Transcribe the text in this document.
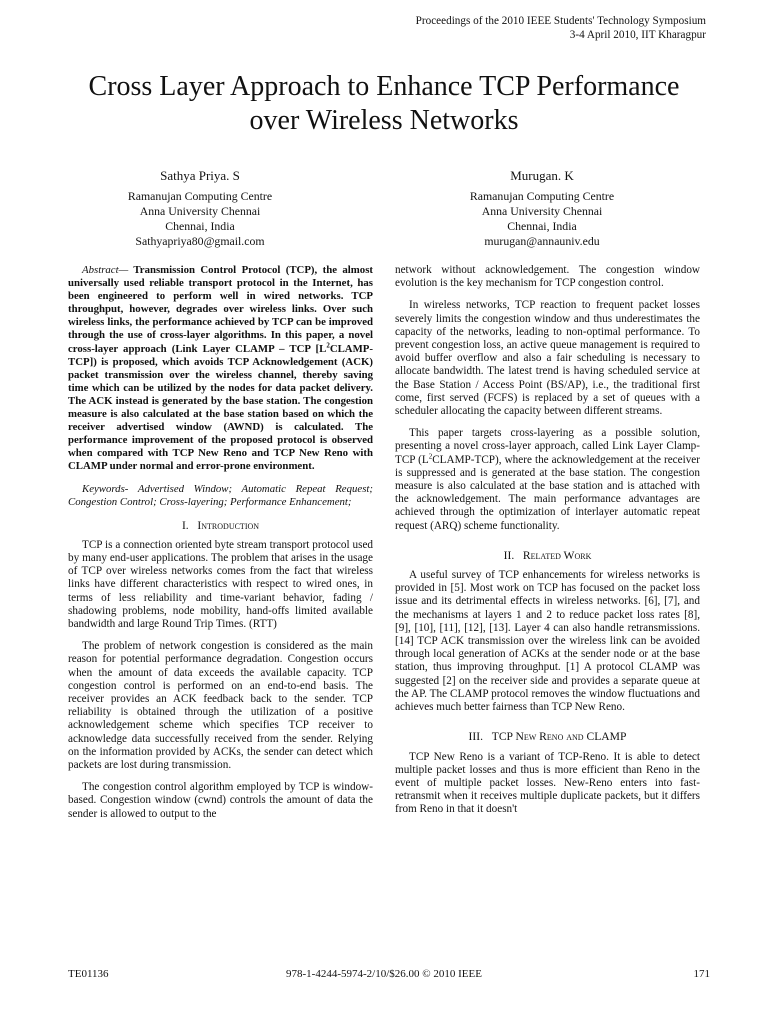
Proceedings of the 2010 IEEE Students' Technology Symposium
3-4 April 2010, IIT Kharagpur
Cross Layer Approach to Enhance TCP Performance
over Wireless Networks
Sathya Priya. S
Ramanujan Computing Centre
Anna University Chennai
Chennai, India
Sathyapriya80@gmail.com
Murugan. K
Ramanujan Computing Centre
Anna University Chennai
Chennai, India
murugan@annauniv.edu

Abstract— Transmission Control Protocol (TCP), the almost universally used reliable transport protocol in the Internet, has been engineered to perform well in wired networks. TCP throughput, however, degrades over wireless links. Over such wireless links, the performance achieved by TCP can be improved through the use of cross-layer algorithms. In this paper, a novel cross-layer approach (Link Layer CLAMP – TCP $[L^2CLAMP-TCP]$) is proposed, which avoids TCP Acknowledgement (ACK) packet transmission over the wireless channel, thereby saving time which can be utilized by the nodes for data packet delivery. The ACK instead is generated by the base station. The congestion measure is also calculated at the base station based on which the receiver advertised window (AWND) is calculated. The performance improvement of the proposed protocol is observed when compared with TCP New Reno and TCP New Reno with CLAMP under normal and error-prone environment.

Keywords- Advertised Window; Automatic Repeat Request; Congestion Control; Cross-layering; Performance Enhancement;

I. Introduction

TCP is a connection oriented byte stream transport protocol used by many end-user applications. The problem that arises in the usage of TCP over wireless networks comes from the fact that wireless links have different characteristics with respect to wired ones, in terms of less reliability and time-variant behavior, fading / shadowing problems, node mobility, hand-offs limited available bandwidth and large Round Trip Times. (RTT)

The problem of network congestion is considered as the main reason for potential performance degradation. Congestion occurs when the amount of data exceeds the available capacity. TCP congestion control is performed on an end-to-end basis. The receiver provides an ACK feedback back to the sender. TCP reliability is obtained through the utilization of a positive acknowledgement scheme which specifies TCP receiver to acknowledge data successfully received from the sender. Relying on the information provided by ACKs, the sender can detect which packets are lost during transmission.

The congestion control algorithm employed by TCP is window-based. Congestion window (cwnd) controls the amount of data the sender is allowed to output to the

network without acknowledgement. The congestion window evolution is the key mechanism for TCP congestion control.

In wireless networks, TCP reaction to frequent packet losses severely limits the congestion window and thus underestimates the capacity of the networks, leading to non-optimal performance. To prevent congestion loss, an active queue management is required to avoid buffer overflow and also a fair scheduling is necessary to allocate bandwidth. The latest trend is having scheduled service at the Base Station / Access Point (BS/AP), i.e., the traditional first come, first served (FCFS) is replaced by a set of queues with a scheduler allocating the capacity between different streams.

This paper targets cross-layering as a possible solution, presenting a novel cross-layer approach, called Link Layer Clamp- TCP $(L^2CLAMP-TCP)$, where the acknowledgement at the receiver is suppressed and is generated at the base station. The congestion measure is also calculated at the base station and is attached with the acknowledgement. The main performance advantages are achieved through the optimization of interlayer automatic repeat request (ARQ) scheme functionality.

II. Related Work

A useful survey of TCP enhancements for wireless networks is provided in [5]. Most work on TCP has focused on the packet loss issue and its detrimental effects in wireless networks. [6], [7], and the mechanisms at layers 1 and 2 to reduce packet loss rates [8], [9], [10], [11], [12], [13]. Layer 4 can also handle retransmissions. [14] TCP ACK transmission over the wireless link can be avoided through local generation of ACKs at the sender node or at the base station, thus improving throughput. [1] A protocol CLAMP was suggested [2] on the receiver side and provides a separate queue at the AP. The CLAMP protocol removes the window fluctuations and achieves much better fairness than TCP New Reno.

III. TCP New Reno and CLAMP

TCP New Reno is a variant of TCP-Reno. It is able to detect multiple packet losses and thus is more efficient than Reno in the event of multiple packet losses. New-Reno enters into fast-retransmit when it receives multiple duplicate packets, but it differs from Reno in that it doesn't

TE01136	978-1-4244-5974-2/10/$26.00 © 2010 IEEE	171
